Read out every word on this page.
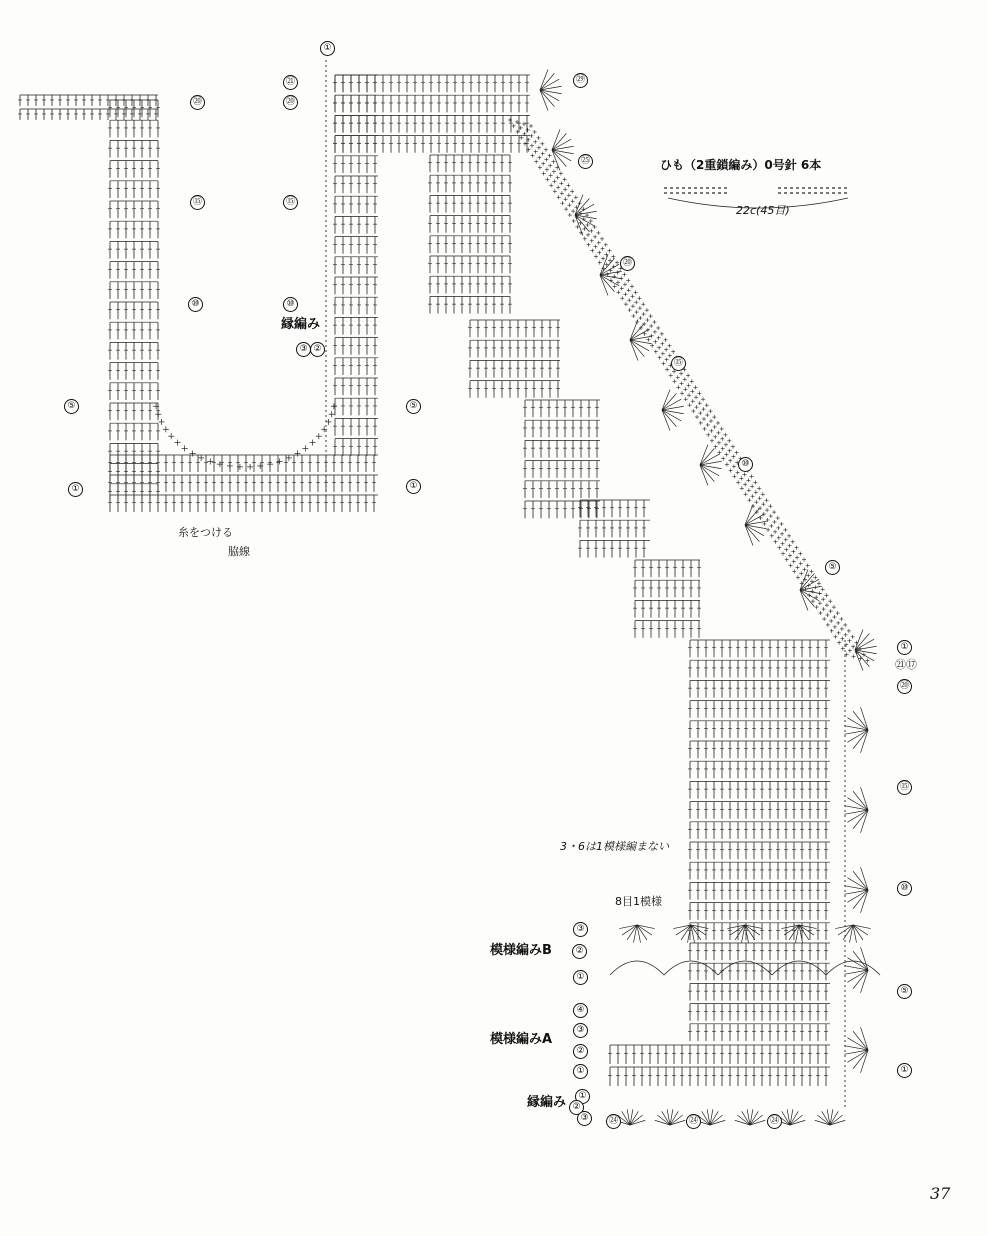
ひも（2重鎖編み）0号針 6本
22c(45目)
①
⑳
⑮
⑩
⑤
①
㉑
⑳
⑮
⑩
⑤
①
縁編み
③ ②
糸をつける
脇線
㉙
㉕
⑳
⑮
⑩
⑤
①
㉑⑰
⑳
⑮
⑩
⑤
①
3・6は1模様編まない
8目1模様
模様編みB
③
②
①
模様編みA
④
③
②
①
縁編み	①
②
③	㉔	㉔	㉔
37
